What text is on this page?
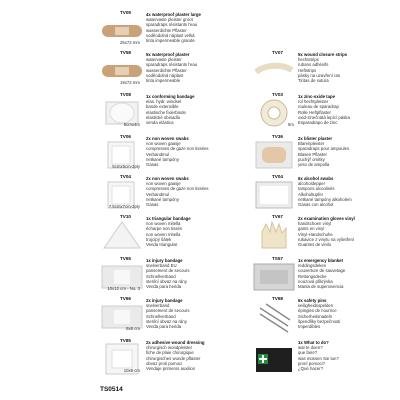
TV09	4x waterproof plaster large
watervaste pleister groot
sparadraps résistants l'eau
wasserdichte Pflaster
voděodolná náplast velká
tinta impermeable grande
25x72 mm
TV58	5x waterproof plaster
watervaste pleister
sparadraps résistants l'eau
wasserdichte Pflaster
voděodolná náplast
tinta impermeable
19x72 mm
TV08	1x conforming bandage
elas. hydr. windsel
bande extensible
elastische fixierbinde
elastické obinadlo
venda elástica
6cmx4m
TV06	2x non woven swabs
non woven gaasje
compresses de gaze non tissées
Verbandmul
netkané tampóny
Gasas
5cmx5cm-2ply
TV04	2x non woven swabs
non woven gaasje
compresses de gaze non tissées
Verbandmul
netkané tampóny
Gasas
7.5cmx7cm-2ply
TV10	1x triangular bandage
non woven mitella
écharpe non tissés
non woven mitella
trojcípý šátek
Venda triangular
TV65	1x injury bandage
snelverband EU
pansement de secours
Schnellverband
sterilní obvaz na rány
Venda para herida
10x12 cm - No. 3
TV66	2x injury bandage
snelverband
pansement de secours
Schnellverband
sterilní obvaz na rány
Venda para herida
8x8 cm
TV85	2x adhesive wound dressing
chirurgisch wondpleister
fiche de plaie chirurgique
chirurgisches wunde pflaster
obvaz proti pomoci
Vendaje primeros auxilios
10x9 cm
TV07	5x wound closure strips
hechtstrips
rubans adhésifs
Heftstrips
pásky na uzavření ran
Tiritas de sutura
TV03	1x zinc-oxide tape
rol hechtpleister
rouleau de sparadrap
Rolle Heftpflaster
oxid-zinečnatá lepící páska
Esparadrapo de zinc
5m
TV36	2x blister plaster
Blarenpleister
sparadraps pour ampoules
Blasen Pflaster
puchýř omítky
yeso de ampolla
TV04	6x alcohol swabs
alcoholdepper
tampons alcoolisés
Alkoholtupfer
netkané tampóny alkoholem
Gasas con alcohol
TV67	2x examination gloves vinyl
handschoen vinyl
gants en vinyl
Vinyl-Handschuhe
rukavice z vinylu na vyšetření
Guantes de vinilo
TS57	1x emergency blanket
reddingsdeken
couverture de sauvetage
Rettungsdecke
nouzová přikrývka
Manta de supervivencia
TV68	6x safety pins
veiligheidsspelden
épingles de nourrice
Sicherheitsnadeln
špendlíky bezpečnosti
Imperdibles
1x What to do?
wat te doen?
que faire?
was müssen Sie tun?
první pomoci?
¿Qué hacer?
TS0514
